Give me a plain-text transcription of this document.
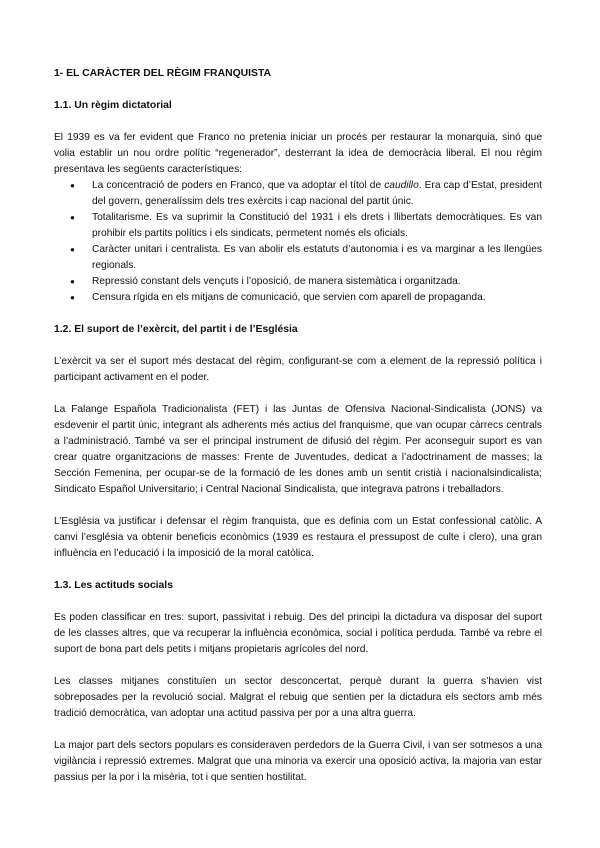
1- EL CARÀCTER DEL RÈGIM FRANQUISTA
1.1. Un règim dictatorial

El 1939 es va fer evident que Franco no pretenia iniciar un procés per restaurar la monarquia, sinó que volia establir un nou ordre polític “regenerador”, desterrant la idea de democràcia liberal. El nou règim presentava les següents característiques:

● La concentració de poders en Franco, que va adoptar el títol de caudillo. Era cap d’Estat, president del govern, generalíssim dels tres exèrcits i cap nacional del partit únic.
● Totalitarisme. Es va suprimir la Constitució del 1931 i els drets i llibertats democràtiques. Es van prohibir els partits polítics i els sindicats, permetent només els oficials.
● Caràcter unitari i centralista. Es van abolir els estatuts d’autonomia i es va marginar a les llengües regionals.
● Repressió constant dels vençuts i l’oposició, de manera sistemàtica i organitzada.
● Censura rígida en els mitjans de comunicació, que servien com aparell de propaganda.
1.2. El suport de l’exèrcit, del partit i de l’Església

L’exèrcit va ser el suport més destacat del règim, configurant-se com a element de la repressió política i participant activament en el poder.

La Falange Española Tradicionalista (FET) i las Juntas de Ofensiva Nacional-Sindicalista (JONS) va esdevenir el partit únic, integrant als adherents més actius del franquisme, que van ocupar càrrecs centrals a l’administració. També va ser el principal instrument de difusió del règim. Per aconseguir suport es van crear quatre organitzacions de masses: Frente de Juventudes, dedicat a l’adoctrinament de masses; la Sección Femenina, per ocupar-se de la formació de les dones amb un sentit cristià i nacionalsindicalista; Sindicato Español Universitario; i Central Nacional Sindicalista, que integrava patrons i treballadors.

L’Església va justificar i defensar el règim franquista, que es definia com un Estat confessional catòlic. A canvi l’església va obtenir beneficis econòmics (1939 es restaura el pressupost de culte i clero), una gran influència en l’educació i la imposició de la moral catòlica.

1.3. Les actituds socials

Es poden classificar en tres: suport, passivitat i rebuig. Des del principi la dictadura va disposar del suport de les classes altres, que va recuperar la influència econòmica, social i política perduda. També va rebre el suport de bona part dels petits i mitjans propietaris agrícoles del nord.

Les classes mitjanes constituïen un sector desconcertat, perquè durant la guerra s’havien vist sobreposades per la revolució social. Malgrat el rebuig que sentien per la dictadura els sectors amb més tradició democràtica, van adoptar una actitud passiva per por a una altra guerra.

La major part dels sectors populars es consideraven perdedors de la Guerra Civil, i van ser sotmesos a una vigilància i repressió extremes. Malgrat que una minoria va exercir una oposició activa, la majoria van estar passius per la por i la misèria, tot i que sentien hostilitat.
